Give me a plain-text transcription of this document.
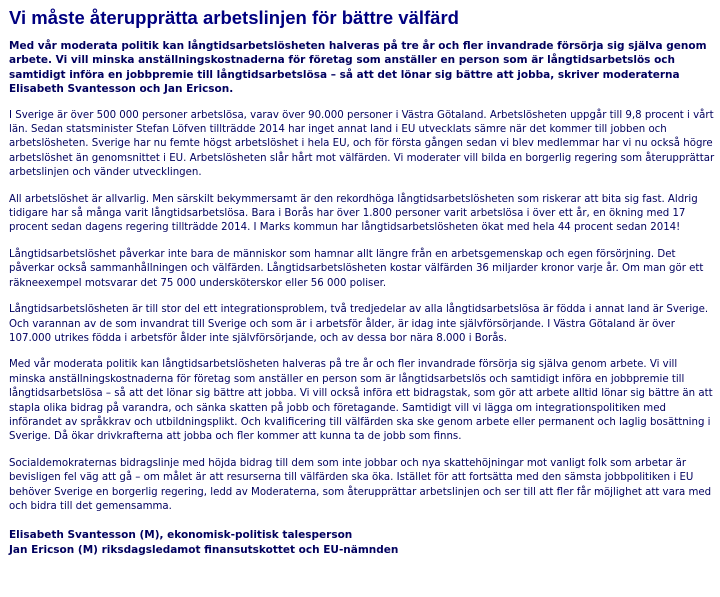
Vi måste återupprätta arbetslinjen för bättre välfärd
Med vår moderata politik kan långtidsarbetslösheten halveras på tre år och fler invandrade försörja sig själva genom arbete. Vi vill minska anställningskostnaderna för företag som anställer en person som är långtidsarbetslös och samtidigt införa en jobbpremie till långtidsarbetslösa – så att det lönar sig bättre att jobba, skriver moderaterna Elisabeth Svantesson och Jan Ericson.

I Sverige är över 500 000 personer arbetslösa, varav över 90.000 personer i Västra Götaland. Arbetslösheten uppgår till 9,8 procent i vårt län. Sedan statsminister Stefan Löfven tillträdde 2014 har inget annat land i EU utvecklats sämre när det kommer till jobben och arbetslösheten. Sverige har nu femte högst arbetslöshet i hela EU, och för första gången sedan vi blev medlemmar har vi nu också högre arbetslöshet än genomsnittet i EU. Arbetslösheten slår hårt mot välfärden. Vi moderater vill bilda en borgerlig regering som återupprättar arbetslinjen och vänder utvecklingen.

All arbetslöshet är allvarlig. Men särskilt bekymmersamt är den rekordhöga långtidsarbetslösheten som riskerar att bita sig fast. Aldrig tidigare har så många varit långtidsarbetslösa. Bara i Borås har över 1.800 personer varit arbetslösa i över ett år, en ökning med 17 procent sedan dagens regering tillträdde 2014. I Marks kommun har långtidsarbetslösheten ökat med hela 44 procent sedan 2014!

Långtidsarbetslöshet påverkar inte bara de människor som hamnar allt längre från en arbetsgemenskap och egen försörjning. Det påverkar också sammanhållningen och välfärden. Långtidsarbetslösheten kostar välfärden 36 miljarder kronor varje år. Om man gör ett räkneexempel motsvarar det 75 000 undersköterskor eller 56 000 poliser.

Långtidsarbetslösheten är till stor del ett integrationsproblem, två tredjedelar av alla långtidsarbetslösa är födda i annat land är Sverige. Och varannan av de som invandrat till Sverige och som är i arbetsför ålder, är idag inte självförsörjande. I Västra Götaland är över 107.000 utrikes födda i arbetsför ålder inte självförsörjande, och av dessa bor nära 8.000 i Borås.

Med vår moderata politik kan långtidsarbetslösheten halveras på tre år och fler invandrade försörja sig själva genom arbete. Vi vill minska anställningskostnaderna för företag som anställer en person som är långtidsarbetslös och samtidigt införa en jobbpremie till långtidsarbetslösa – så att det lönar sig bättre att jobba. Vi vill också införa ett bidragstak, som gör att arbete alltid lönar sig bättre än att stapla olika bidrag på varandra, och sänka skatten på jobb och företagande. Samtidigt vill vi lägga om integrationspolitiken med införandet av språkkrav och utbildningsplikt. Och kvalificering till välfärden ska ske genom arbete eller permanent och laglig bosättning i Sverige. Då ökar drivkrafterna att jobba och fler kommer att kunna ta de jobb som finns.

Socialdemokraternas bidragslinje med höjda bidrag till dem som inte jobbar och nya skattehöjningar mot vanligt folk som arbetar är bevisligen fel väg att gå – om målet är att resurserna till välfärden ska öka. Istället för att fortsätta med den sämsta jobbpolitiken i EU behöver Sverige en borgerlig regering, ledd av Moderaterna, som återupprättar arbetslinjen och ser till att fler får möjlighet att vara med och bidra till det gemensamma.

Elisabeth Svantesson (M), ekonomisk-politisk talesperson
Jan Ericson (M) riksdagsledamot finansutskottet och EU-nämnden
